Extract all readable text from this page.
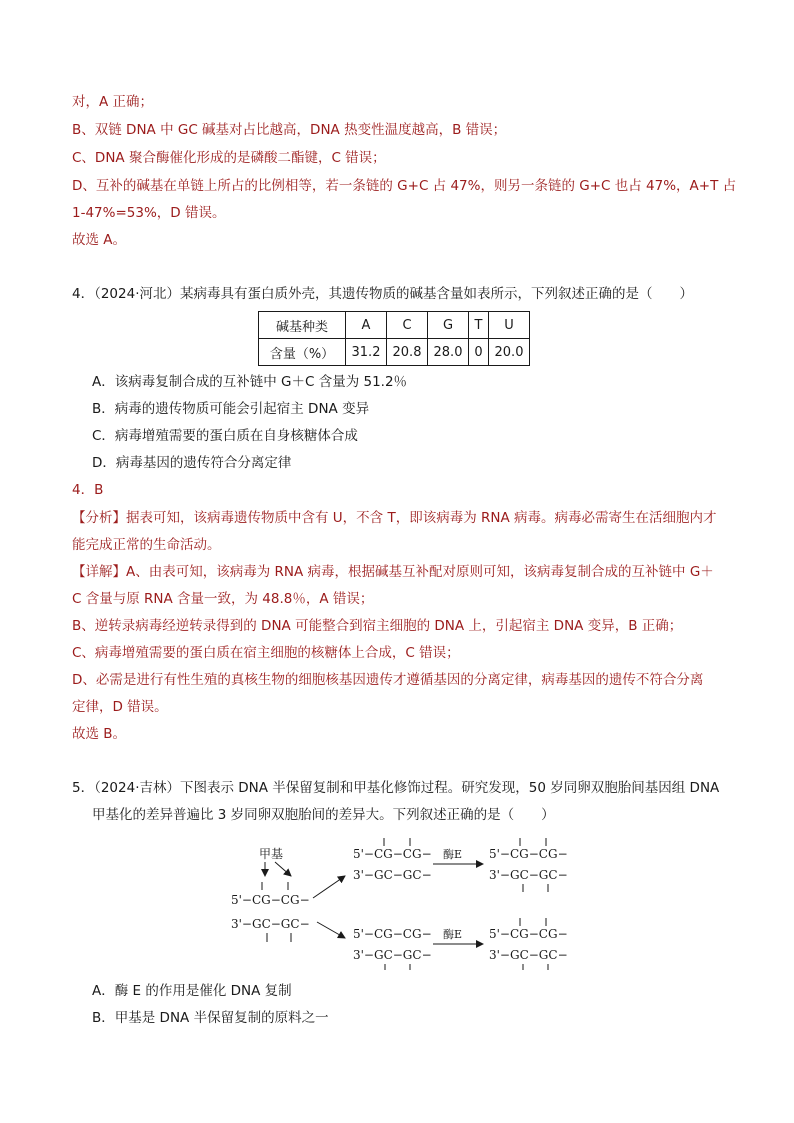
对，A 正确；

B、双链 DNA 中 GC 碱基对占比越高，DNA 热变性温度越高，B 错误；

C、DNA 聚合酶催化形成的是磷酸二酯键，C 错误；

D、互补的碱基在单链上所占的比例相等，若一条链的 G+C 占 47%，则另一条链的 G+C 也占 47%，A+T 占

1-47%=53%，D 错误。

故选 A。

4．（2024·河北）某病毒具有蛋白质外壳，其遗传物质的碱基含量如表所示，下列叙述正确的是（　　）

碱基种类	A	C	G	T	U
含量（%）	31.2	20.8	28.0	0	20.0

A．该病毒复制合成的互补链中 G＋C 含量为 51.2％

B．病毒的遗传物质可能会引起宿主 DNA 变异

C．病毒增殖需要的蛋白质在自身核糖体合成

D．病毒基因的遗传符合分离定律

4．B

【分析】据表可知，该病毒遗传物质中含有 U，不含 T，即该病毒为 RNA 病毒。病毒必需寄生在活细胞内才

能完成正常的生命活动。

【详解】A、由表可知，该病毒为 RNA 病毒，根据碱基互补配对原则可知，该病毒复制合成的互补链中 G＋

C 含量与原 RNA 含量一致，为 48.8％，A 错误；

B、逆转录病毒经逆转录得到的 DNA 可能整合到宿主细胞的 DNA 上，引起宿主 DNA 变异，B 正确；

C、病毒增殖需要的蛋白质在宿主细胞的核糖体上合成，C 错误；

D、必需是进行有性生殖的真核生物的细胞核基因遗传才遵循基因的分离定律，病毒基因的遗传不符合分离

定律，D 错误。

故选 B。

5．（2024·吉林）下图表示 DNA 半保留复制和甲基化修饰过程。研究发现，50 岁同卵双胞胎间基因组 DNA

甲基化的差异普遍比 3 岁同卵双胞胎间的差异大。下列叙述正确的是（　　）

甲基
5'−CG−CG−
3'−GC−GC−
5'−CG−CG−
3'−GC−GC−
酶E 5'−CG−CG−
3'−GC−GC−
5'−CG−CG−
3'−GC−GC−
酶E 5'−CG−CG−
3'−GC−GC−

A．酶 E 的作用是催化 DNA 复制

B．甲基是 DNA 半保留复制的原料之一
